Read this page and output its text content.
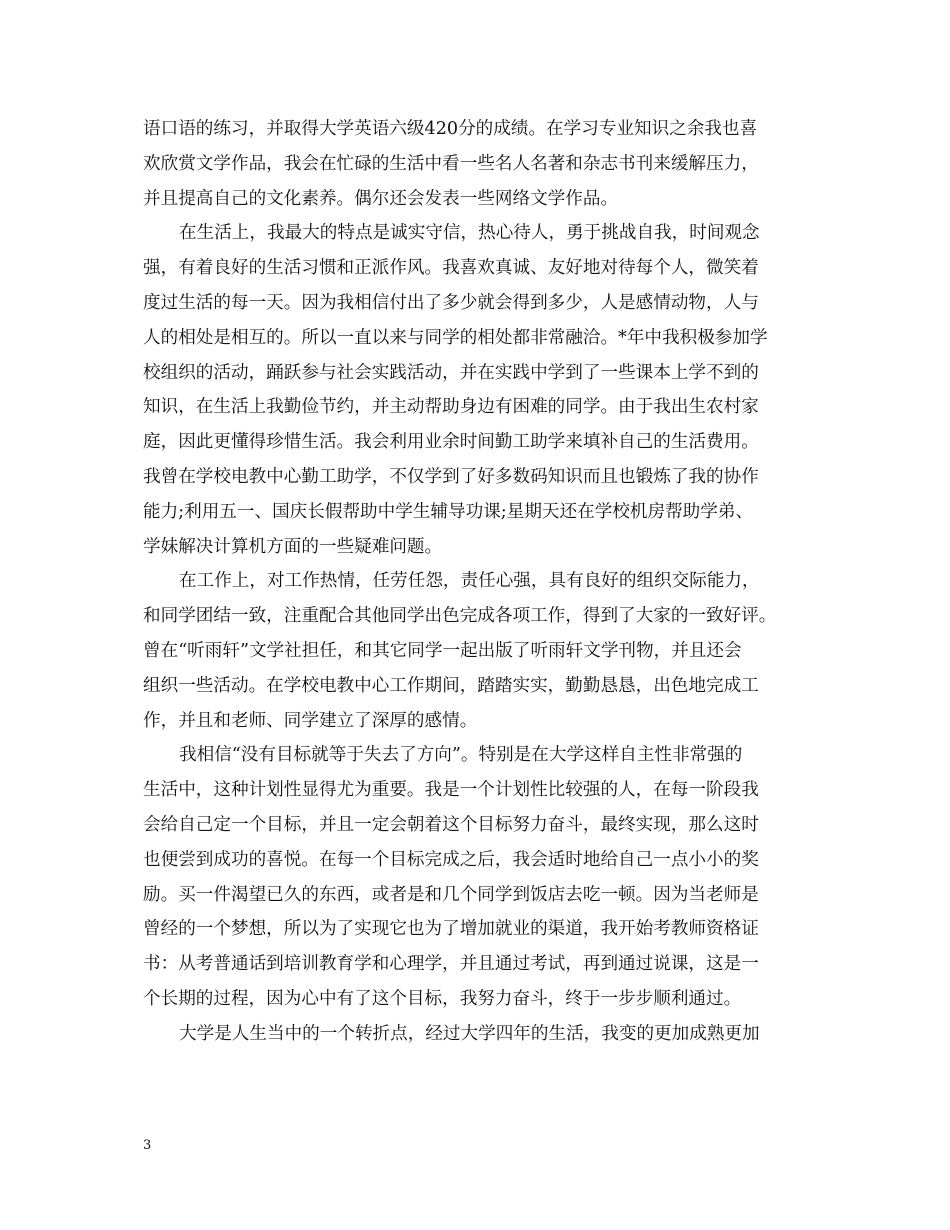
语口语的练习，并取得大学英语六级420分的成绩。在学习专业知识之余我也喜
欢欣赏文学作品，我会在忙碌的生活中看一些名人名著和杂志书刊来缓解压力，
并且提高自己的文化素养。偶尔还会发表一些网络文学作品。
在生活上，我最大的特点是诚实守信，热心待人，勇于挑战自我，时间观念
强，有着良好的生活习惯和正派作风。我喜欢真诚、友好地对待每个人，微笑着
度过生活的每一天。因为我相信付出了多少就会得到多少，人是感情动物，人与
人的相处是相互的。所以一直以来与同学的相处都非常融洽。*年中我积极参加学
校组织的活动，踊跃参与社会实践活动，并在实践中学到了一些课本上学不到的
知识，在生活上我勤俭节约，并主动帮助身边有困难的同学。由于我出生农村家
庭，因此更懂得珍惜生活。我会利用业余时间勤工助学来填补自己的生活费用。
我曾在学校电教中心勤工助学，不仅学到了好多数码知识而且也锻炼了我的协作
能力;利用五一、国庆长假帮助中学生辅导功课;星期天还在学校机房帮助学弟、
学妹解决计算机方面的一些疑难问题。
在工作上，对工作热情，任劳任怨，责任心强，具有良好的组织交际能力，
和同学团结一致，注重配合其他同学出色完成各项工作，得到了大家的一致好评。
曾在“听雨轩”文学社担任，和其它同学一起出版了听雨轩文学刊物，并且还会
组织一些活动。在学校电教中心工作期间，踏踏实实，勤勤恳恳，出色地完成工
作，并且和老师、同学建立了深厚的感情。
我相信“没有目标就等于失去了方向”。特别是在大学这样自主性非常强的
生活中，这种计划性显得尤为重要。我是一个计划性比较强的人，在每一阶段我
会给自己定一个目标，并且一定会朝着这个目标努力奋斗，最终实现，那么这时
也便尝到成功的喜悦。在每一个目标完成之后，我会适时地给自己一点小小的奖
励。买一件渴望已久的东西，或者是和几个同学到饭店去吃一顿。因为当老师是
曾经的一个梦想，所以为了实现它也为了增加就业的渠道，我开始考教师资格证
书：从考普通话到培训教育学和心理学，并且通过考试，再到通过说课，这是一
个长期的过程，因为心中有了这个目标，我努力奋斗，终于一步步顺利通过。
大学是人生当中的一个转折点，经过大学四年的生活，我变的更加成熟更加
3
